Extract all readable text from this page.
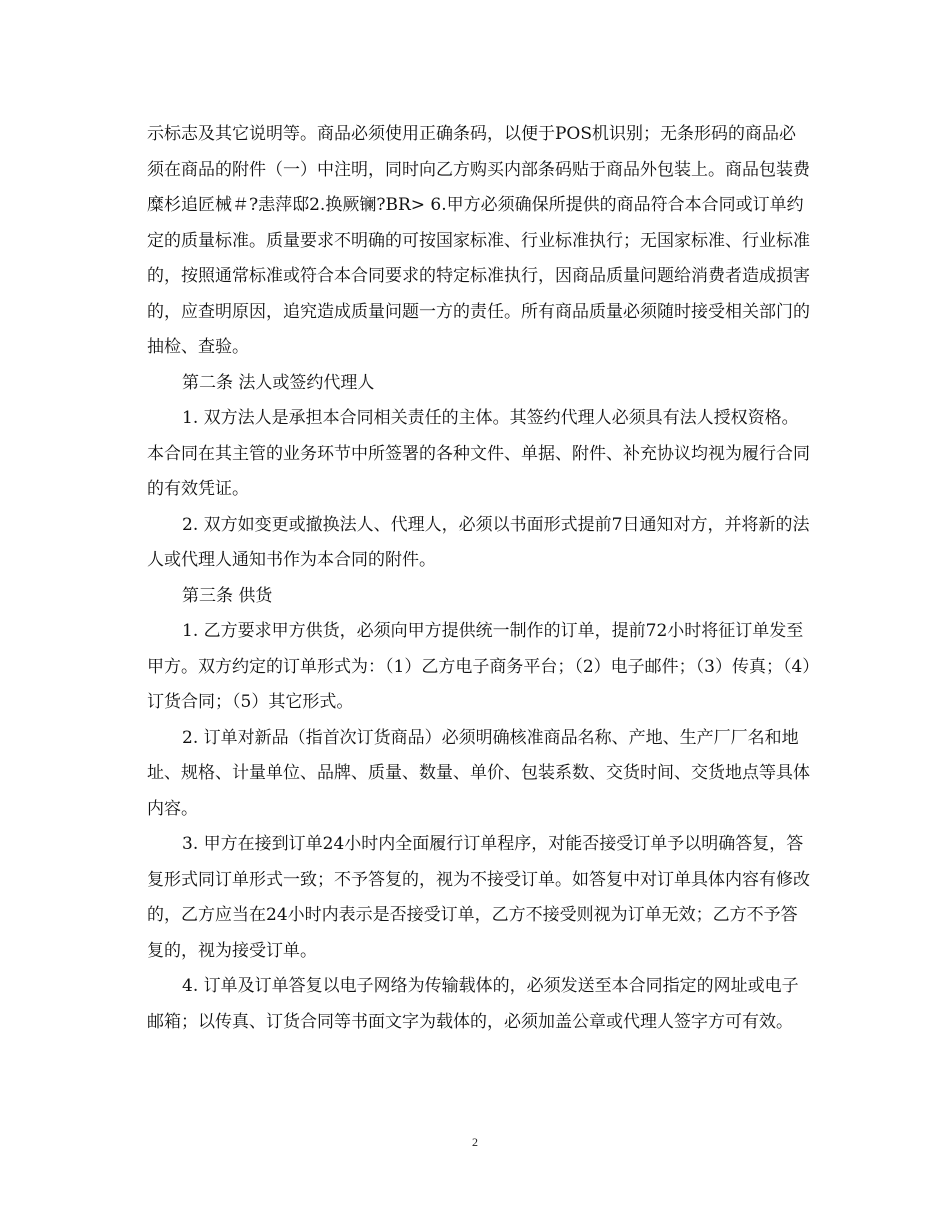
示标志及其它说明等。商品必须使用正确条码，以便于POS机识别；无条形码的商品必须在商品的附件（一）中注明，同时向乙方购买内部条码贴于商品外包装上。商品包装费糜杉追匠械＃?恚萍邸2.换厥镧?BR> 6.甲方必须确保所提供的商品符合本合同或订单约定的质量标准。质量要求不明确的可按国家标准、行业标准执行；无国家标准、行业标准的，按照通常标准或符合本合同要求的特定标准执行，因商品质量问题给消费者造成损害的，应查明原因，追究造成质量问题一方的责任。所有商品质量必须随时接受相关部门的抽检、查验。

第二条 法人或签约代理人

1. 双方法人是承担本合同相关责任的主体。其签约代理人必须具有法人授权资格。本合同在其主管的业务环节中所签署的各种文件、单据、附件、补充协议均视为履行合同的有效凭证。

2. 双方如变更或撤换法人、代理人，必须以书面形式提前7日通知对方，并将新的法人或代理人通知书作为本合同的附件。

第三条 供货

1. 乙方要求甲方供货，必须向甲方提供统一制作的订单，提前72小时将征订单发至甲方。双方约定的订单形式为：（1）乙方电子商务平台；（2）电子邮件；（3）传真；（4）订货合同；（5）其它形式。

2. 订单对新品（指首次订货商品）必须明确核准商品名称、产地、生产厂厂名和地址、规格、计量单位、品牌、质量、数量、单价、包装系数、交货时间、交货地点等具体内容。

3. 甲方在接到订单24小时内全面履行订单程序，对能否接受订单予以明确答复，答复形式同订单形式一致；不予答复的，视为不接受订单。如答复中对订单具体内容有修改的，乙方应当在24小时内表示是否接受订单，乙方不接受则视为订单无效；乙方不予答复的，视为接受订单。

4. 订单及订单答复以电子网络为传输载体的，必须发送至本合同指定的网址或电子邮箱；以传真、订货合同等书面文字为载体的，必须加盖公章或代理人签字方可有效。

2
